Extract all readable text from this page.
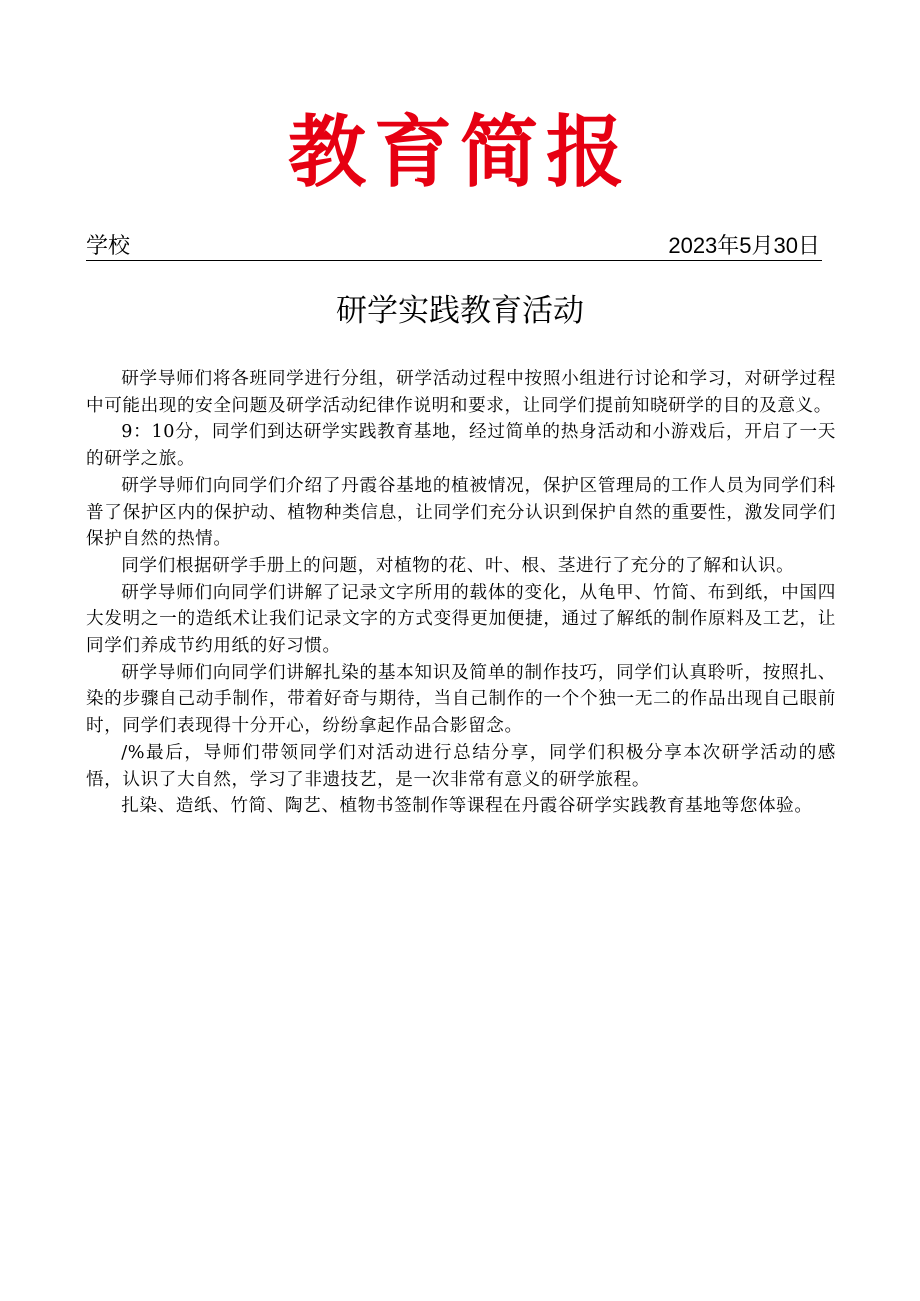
教育简报
学校	2023年5月30日
研学实践教育活动

研学导师们将各班同学进行分组，研学活动过程中按照小组进行讨论和学习，对研学过程中可能出现的安全问题及研学活动纪律作说明和要求，让同学们提前知晓研学的目的及意义。

9：10分，同学们到达研学实践教育基地，经过简单的热身活动和小游戏后，开启了一天的研学之旅。

研学导师们向同学们介绍了丹霞谷基地的植被情况，保护区管理局的工作人员为同学们科普了保护区内的保护动、植物种类信息，让同学们充分认识到保护自然的重要性，激发同学们保护自然的热情。

同学们根据研学手册上的问题，对植物的花、叶、根、茎进行了充分的了解和认识。

研学导师们向同学们讲解了记录文字所用的载体的变化，从龟甲、竹简、布到纸，中国四大发明之一的造纸术让我们记录文字的方式变得更加便捷，通过了解纸的制作原料及工艺，让同学们养成节约用纸的好习惯。

研学导师们向同学们讲解扎染的基本知识及简单的制作技巧，同学们认真聆听，按照扎、染的步骤自己动手制作，带着好奇与期待，当自己制作的一个个独一无二的作品出现自己眼前时，同学们表现得十分开心，纷纷拿起作品合影留念。

/%最后，导师们带领同学们对活动进行总结分享，同学们积极分享本次研学活动的感悟，认识了大自然，学习了非遗技艺，是一次非常有意义的研学旅程。

扎染、造纸、竹简、陶艺、植物书签制作等课程在丹霞谷研学实践教育基地等您体验。
